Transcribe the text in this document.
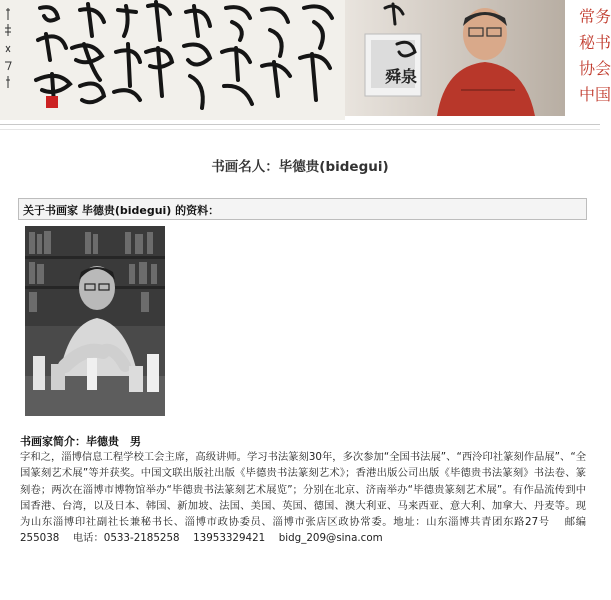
舜泉
常务
秘书
协会
中国
书画名人：毕德贵(bidegui)
关于书画家 毕德贵(bidegui) 的资料：
书画家简介：毕德贵　男
字和之，淄博信息工程学校工会主席，高级讲师。学习书法篆刻30年，多次参加“全国书法展”、“西泠印社篆刻作品展”、“全国篆刻艺术展”等并获奖。中国文联出版社出版《毕德贵书法篆刻艺术》；香港出版公司出版《毕德贵书法篆刻》书法卷、篆刻卷；两次在淄博市博物馆举办“毕德贵书法篆刻艺术展览”；分别在北京、济南举办“毕德贵篆刻艺术展”。有作品流传到中国香港、台湾，以及日本、韩国、新加坡、法国、美国、英国、德国、澳大利亚、马来西亚、意大利、加拿大、丹麦等。现为山东淄博印社副社长兼秘书长、淄博市政协委员、淄博市张店区政协常委。地址：山东淄博共青团东路27号　 邮编255038　 电话：0533-2185258　 13953329421　 bidg_209@sina.com
